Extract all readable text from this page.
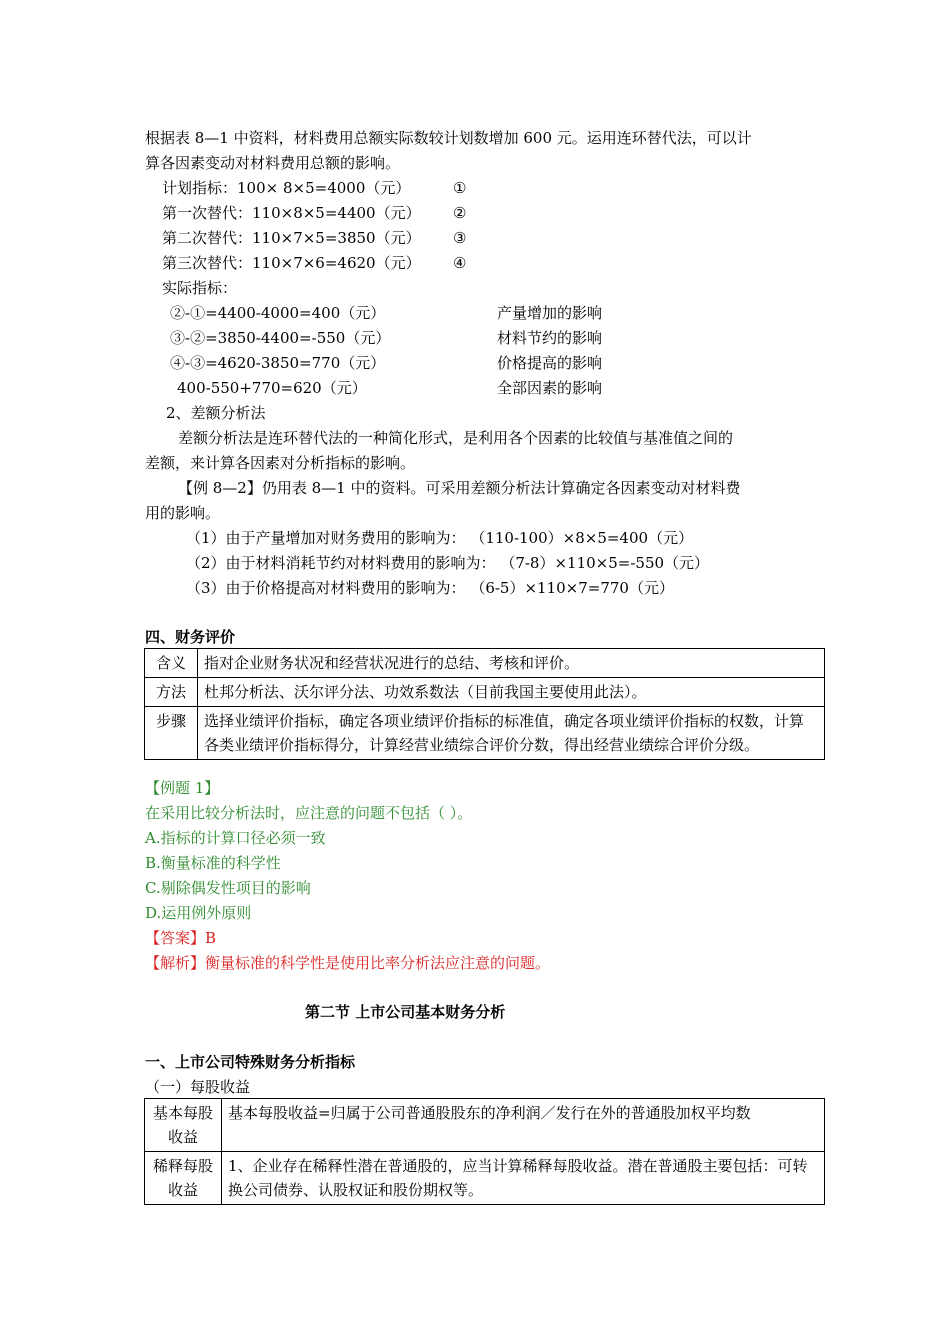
根据表 8—1 中资料，材料费用总额实际数较计划数增加 600 元。运用连环替代法，可以计
算各因素变动对材料费用总额的影响。
计划指标：100× 8×5=4000（元）	①
第一次替代：110×8×5=4400（元） ②
第二次替代：110×7×5=3850（元） ③
第三次替代：110×7×6=4620（元） ④
实际指标：
②-①=4400-4000=400（元）	产量增加的影响
③-②=3850-4400=-550（元）	材料节约的影响
④-③=4620-3850=770（元）	价格提高的影响
400-550+770=620（元）	全部因素的影响
2、差额分析法
差额分析法是连环替代法的一种简化形式，是利用各个因素的比较值与基准值之间的
差额，来计算各因素对分析指标的影响。
【例 8—2】仍用表 8—1 中的资料。可采用差额分析法计算确定各因素变动对材料费
用的影响。
（1）由于产量增加对财务费用的影响为： （110-100）×8×5=400（元）
（2）由于材料消耗节约对材料费用的影响为： （7-8）×110×5=-550（元）
（3）由于价格提高对材料费用的影响为： （6-5）×110×7=770（元）
四、财务评价
含义	指对企业财务状况和经营状况进行的总结、考核和评价。
方法	杜邦分析法、沃尔评分法、功效系数法（目前我国主要使用此法）。
步骤	选择业绩评价指标，确定各项业绩评价指标的标准值，确定各项业绩评价指标的权数，计算各类业绩评价指标得分，计算经营业绩综合评价分数，得出经营业绩综合评价分级。
【例题 1】
在采用比较分析法时，应注意的问题不包括（ ）。
A.指标的计算口径必须一致
B.衡量标准的科学性
C.剔除偶发性项目的影响
D.运用例外原则
【答案】B
【解析】衡量标准的科学性是使用比率分析法应注意的问题。
第二节 上市公司基本财务分析
一、上市公司特殊财务分析指标
（一）每股收益
基本每股收益	基本每股收益=归属于公司普通股股东的净利润／发行在外的普通股加权平均数
稀释每股收益	1、企业存在稀释性潜在普通股的，应当计算稀释每股收益。潜在普通股主要包括：可转换公司债券、认股权证和股份期权等。
